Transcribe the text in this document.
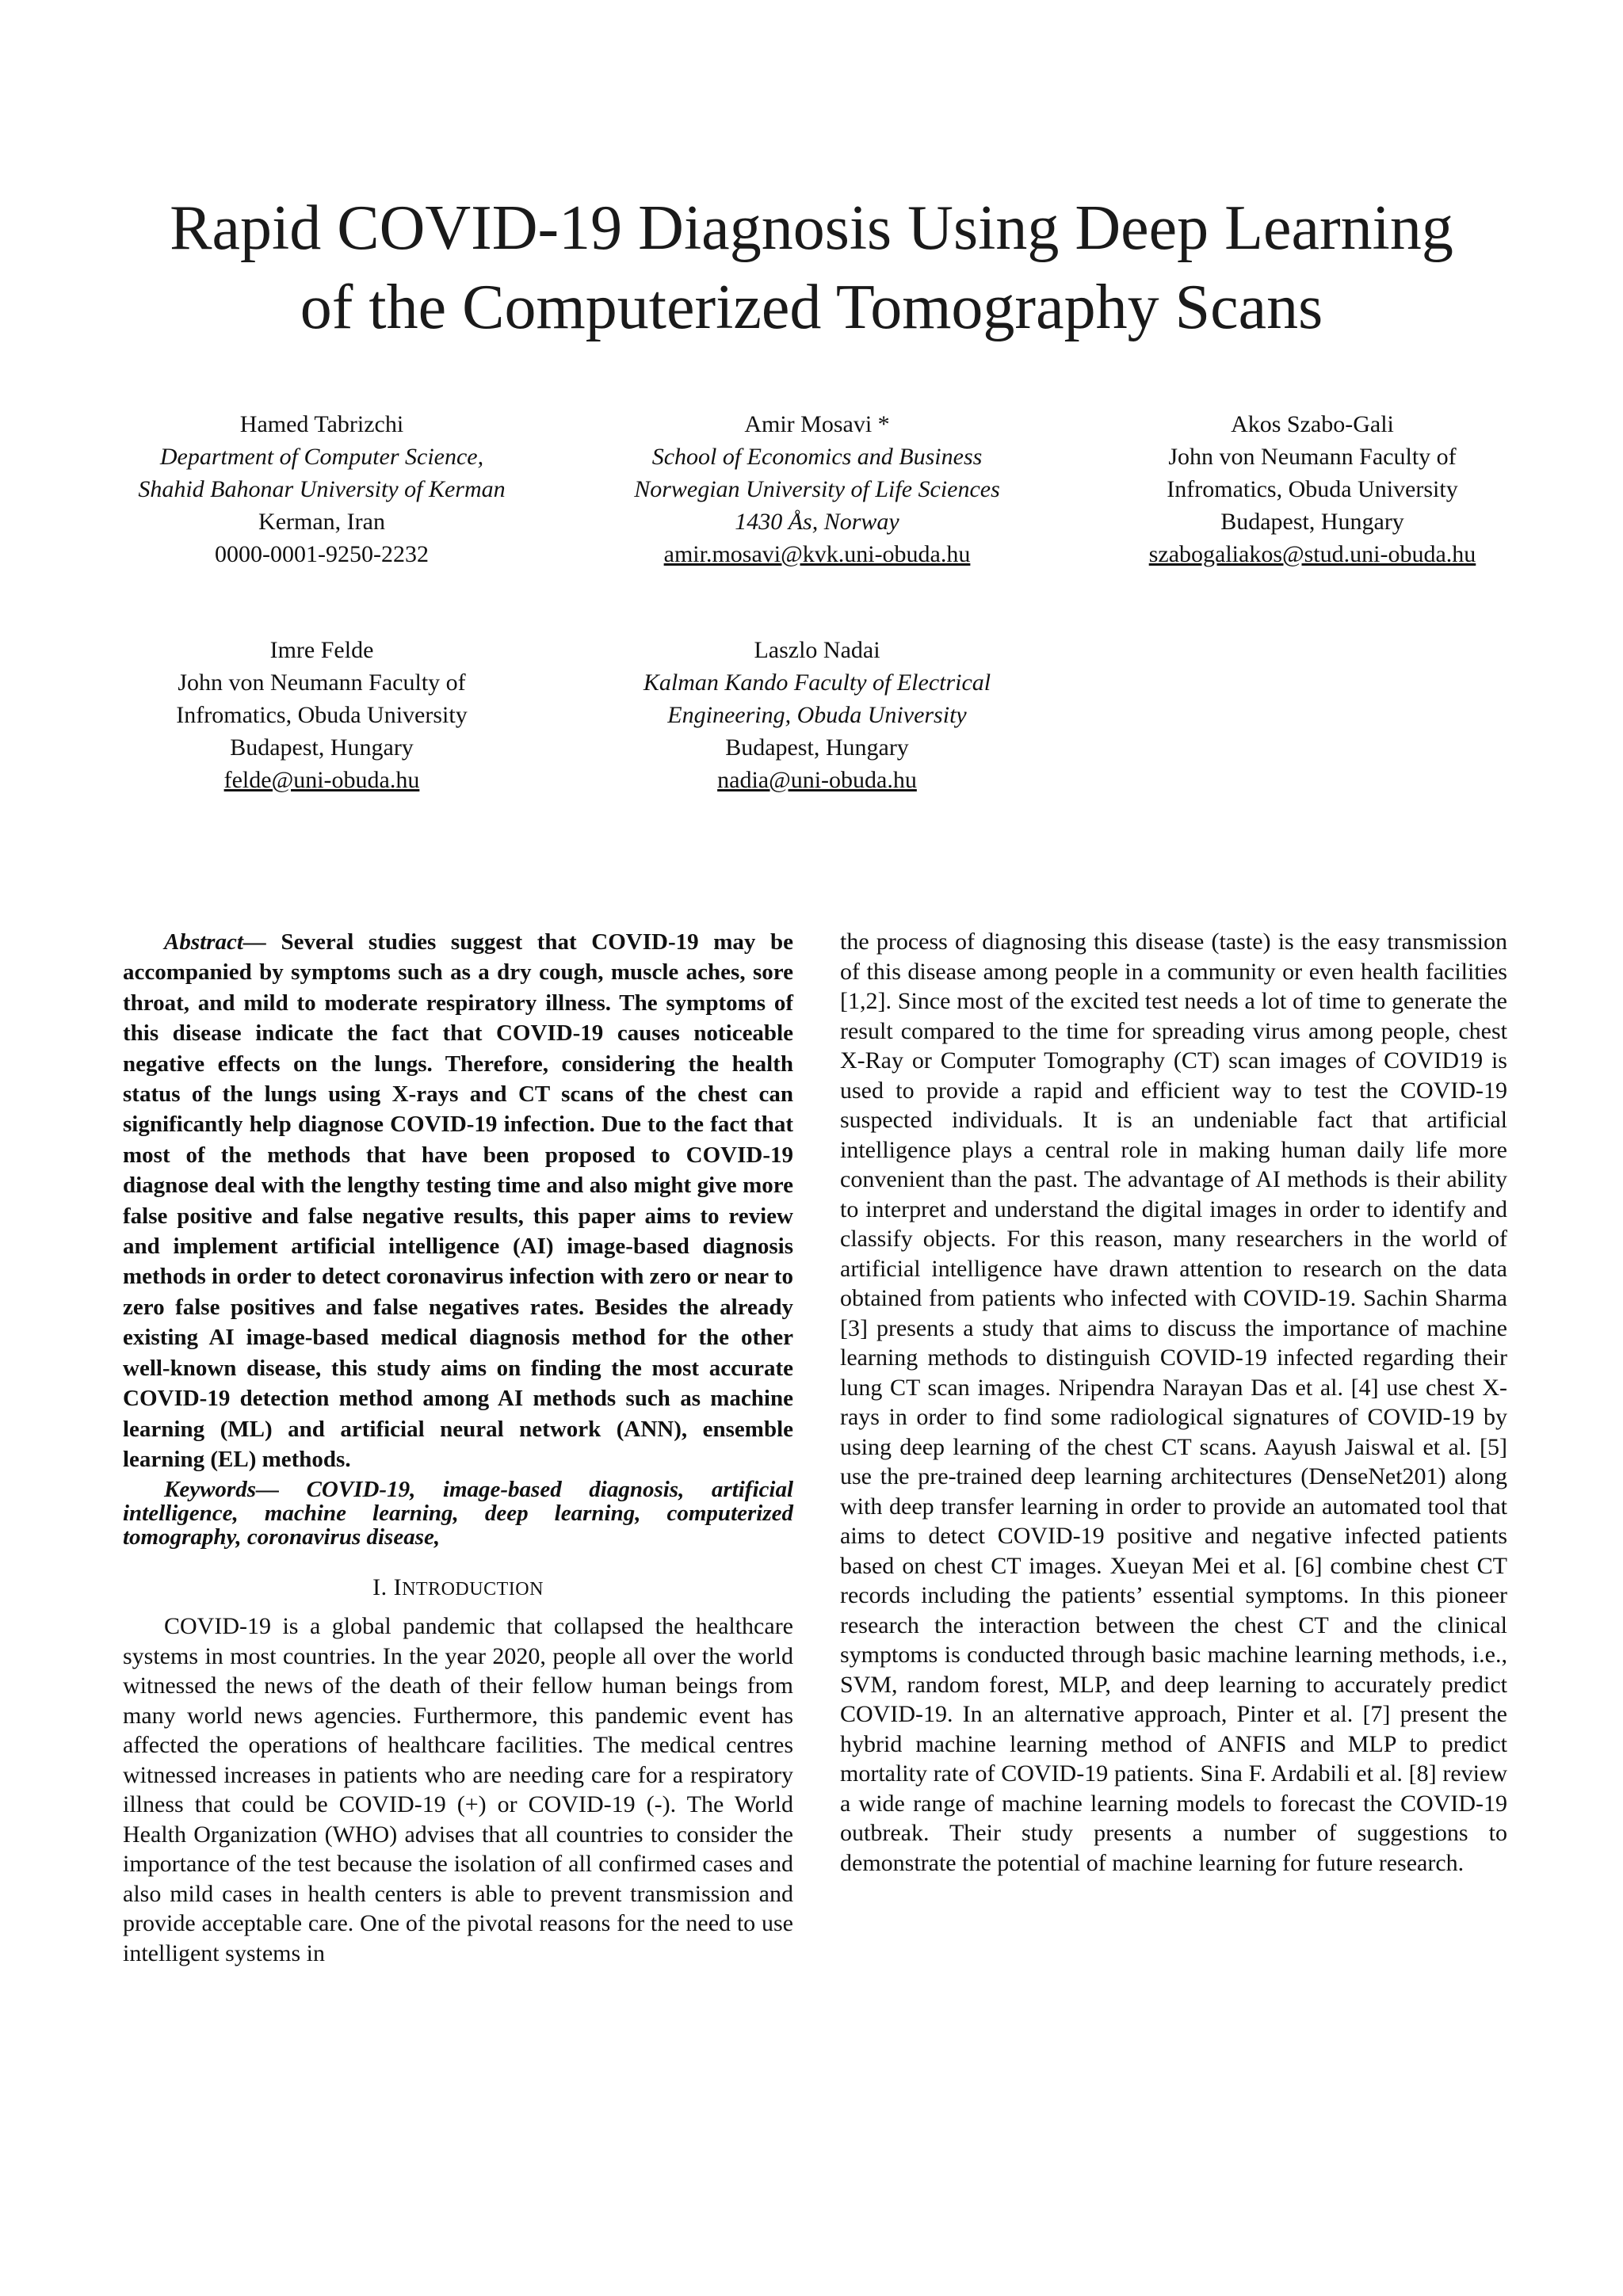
Rapid COVID-19 Diagnosis Using Deep Learning
of the Computerized Tomography Scans
Hamed Tabrizchi
Department of Computer Science,
Shahid Bahonar University of Kerman
Kerman, Iran
0000-0001-9250-2232
Amir Mosavi *
School of Economics and Business
Norwegian University of Life Sciences
1430 Ås, Norway
amir.mosavi@kvk.uni-obuda.hu
Akos Szabo-Gali
John von Neumann Faculty of
Infromatics, Obuda University
Budapest, Hungary
szabogaliakos@stud.uni-obuda.hu
Imre Felde
John von Neumann Faculty of
Infromatics, Obuda University
Budapest, Hungary
felde@uni-obuda.hu
Laszlo Nadai
Kalman Kando Faculty of Electrical
Engineering, Obuda University
Budapest, Hungary
nadia@uni-obuda.hu

Abstract— Several studies suggest that COVID-19 may be accompanied by symptoms such as a dry cough, muscle aches, sore throat, and mild to moderate respiratory illness. The symptoms of this disease indicate the fact that COVID-19 causes noticeable negative effects on the lungs. Therefore, considering the health status of the lungs using X-rays and CT scans of the chest can significantly help diagnose COVID-19 infection. Due to the fact that most of the methods that have been proposed to COVID-19 diagnose deal with the lengthy testing time and also might give more false positive and false negative results, this paper aims to review and implement artificial intelligence (AI) image-based diagnosis methods in order to detect coronavirus infection with zero or near to zero false positives and false negatives rates. Besides the already existing AI image-based medical diagnosis method for the other well-known disease, this study aims on finding the most accurate COVID-19 detection method among AI methods such as machine learning (ML) and artificial neural network (ANN), ensemble learning (EL) methods.

Keywords— COVID-19, image-based diagnosis, artificial intelligence, machine learning, deep learning, computerized tomography, coronavirus disease,

I. INTRODUCTION

COVID-19 is a global pandemic that collapsed the healthcare systems in most countries. In the year 2020, people all over the world witnessed the news of the death of their fellow human beings from many world news agencies. Furthermore, this pandemic event has affected the operations of healthcare facilities. The medical centres witnessed increases in patients who are needing care for a respiratory illness that could be COVID-19 (+) or COVID-19 (-). The World Health Organization (WHO) advises that all countries to consider the importance of the test because the isolation of all confirmed cases and also mild cases in health centers is able to prevent transmission and provide acceptable care. One of the pivotal reasons for the need to use intelligent systems in

the process of diagnosing this disease (taste) is the easy transmission of this disease among people in a community or even health facilities [1,2]. Since most of the excited test needs a lot of time to generate the result compared to the time for spreading virus among people, chest X-Ray or Computer Tomography (CT) scan images of COVID19 is used to provide a rapid and efficient way to test the COVID-19 suspected individuals. It is an undeniable fact that artificial intelligence plays a central role in making human daily life more convenient than the past. The advantage of AI methods is their ability to interpret and understand the digital images in order to identify and classify objects. For this reason, many researchers in the world of artificial intelligence have drawn attention to research on the data obtained from patients who infected with COVID-19. Sachin Sharma [3] presents a study that aims to discuss the importance of machine learning methods to distinguish COVID-19 infected regarding their lung CT scan images. Nripendra Narayan Das et al. [4] use chest X-rays in order to find some radiological signatures of COVID-19 by using deep learning of the chest CT scans. Aayush Jaiswal et al. [5] use the pre-trained deep learning architectures (DenseNet201) along with deep transfer learning in order to provide an automated tool that aims to detect COVID-19 positive and negative infected patients based on chest CT images. Xueyan Mei et al. [6] combine chest CT records including the patients’ essential symptoms. In this pioneer research the interaction between the chest CT and the clinical symptoms is conducted through basic machine learning methods, i.e., SVM, random forest, MLP, and deep learning to accurately predict COVID-19. In an alternative approach, Pinter et al. [7] present the hybrid machine learning method of ANFIS and MLP to predict mortality rate of COVID-19 patients. Sina F. Ardabili et al. [8] review a wide range of machine learning models to forecast the COVID-19 outbreak. Their study presents a number of suggestions to demonstrate the potential of machine learning for future research.
